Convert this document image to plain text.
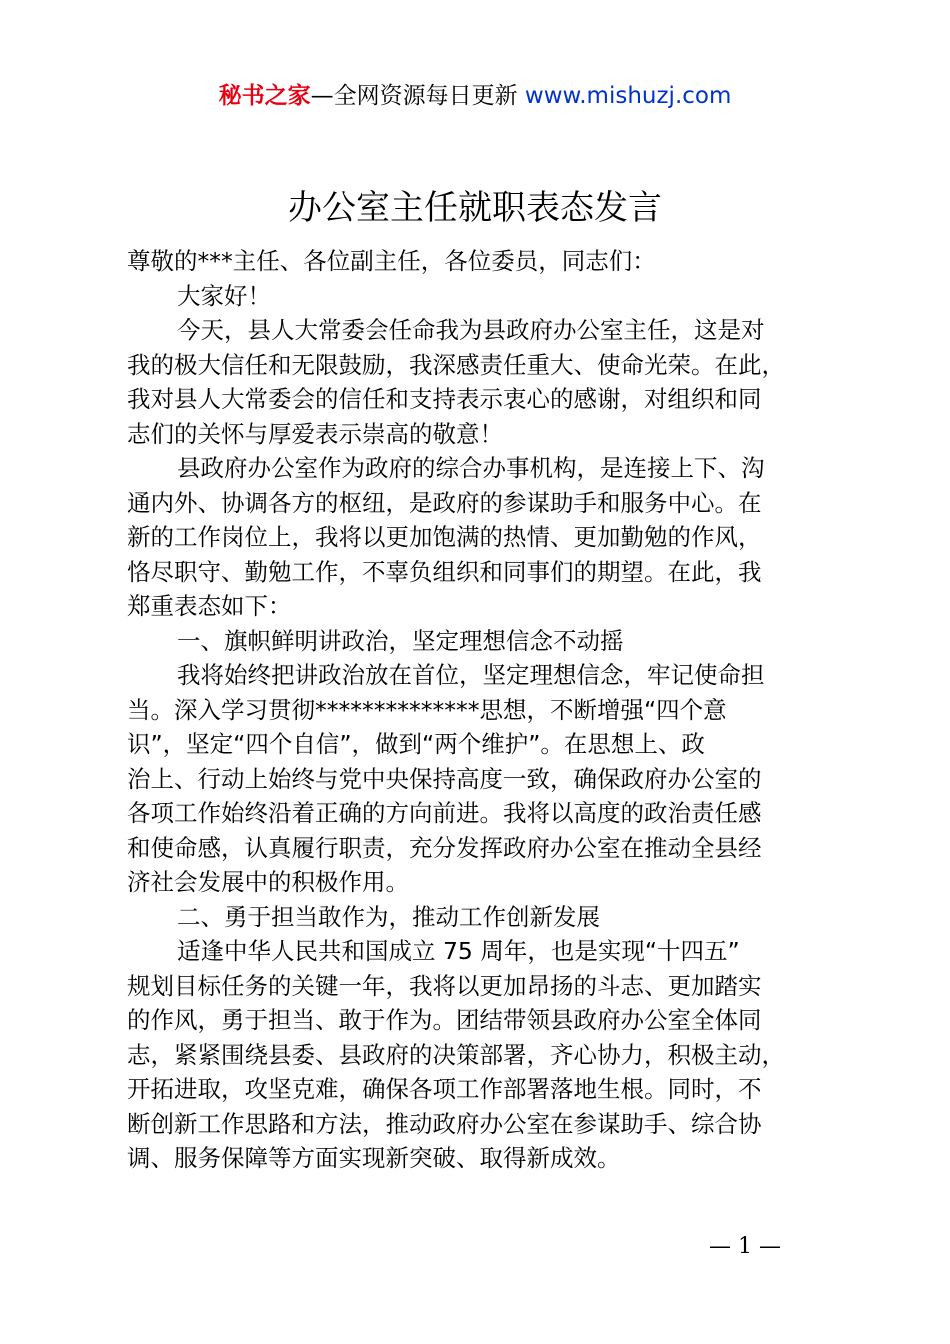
秘书之家—全网资源每日更新 www.mishuzj.com
办公室主任就职表态发言
尊敬的***主任、各位副主任，各位委员，同志们：
大家好！
今天，县人大常委会任命我为县政府办公室主任，这是对
我的极大信任和无限鼓励，我深感责任重大、使命光荣。在此，
我对县人大常委会的信任和支持表示衷心的感谢，对组织和同
志们的关怀与厚爱表示崇高的敬意！
县政府办公室作为政府的综合办事机构，是连接上下、沟
通内外、协调各方的枢纽，是政府的参谋助手和服务中心。在
新的工作岗位上，我将以更加饱满的热情、更加勤勉的作风，
恪尽职守、勤勉工作，不辜负组织和同事们的期望。在此，我
郑重表态如下：
一、旗帜鲜明讲政治，坚定理想信念不动摇
我将始终把讲政治放在首位，坚定理想信念，牢记使命担
当。深入学习贯彻**************思想，不断增强“四个意
识”，坚定“四个自信”，做到“两个维护”。在思想上、政
治上、行动上始终与党中央保持高度一致，确保政府办公室的
各项工作始终沿着正确的方向前进。我将以高度的政治责任感
和使命感，认真履行职责，充分发挥政府办公室在推动全县经
济社会发展中的积极作用。
二、勇于担当敢作为，推动工作创新发展
适逢中华人民共和国成立 75 周年，也是实现“十四五”
规划目标任务的关键一年，我将以更加昂扬的斗志、更加踏实
的作风，勇于担当、敢于作为。团结带领县政府办公室全体同
志，紧紧围绕县委、县政府的决策部署，齐心协力，积极主动，
开拓进取，攻坚克难，确保各项工作部署落地生根。同时，不
断创新工作思路和方法，推动政府办公室在参谋助手、综合协
调、服务保障等方面实现新突破、取得新成效。
— 1 —
